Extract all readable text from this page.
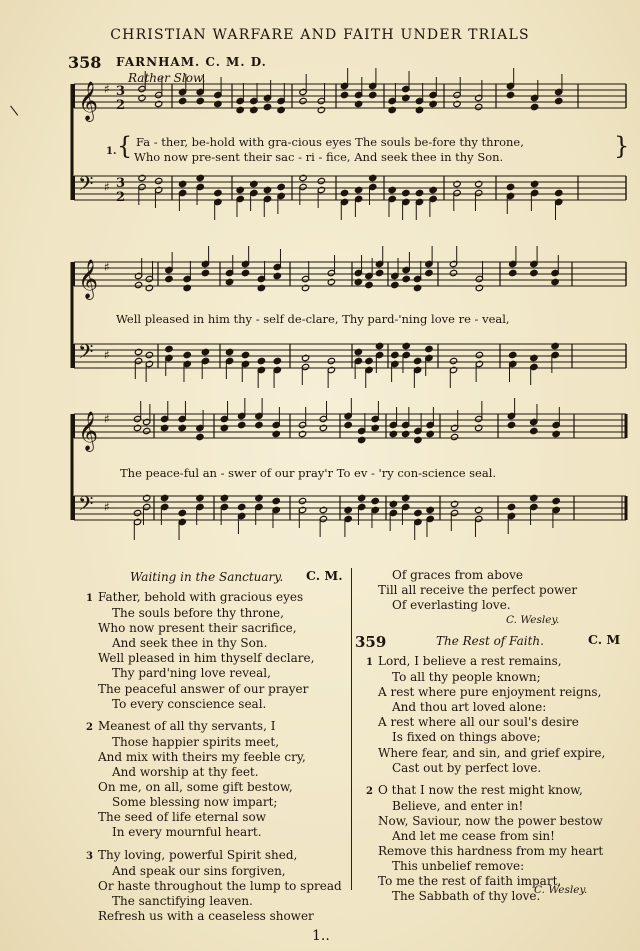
CHRISTIAN WARFARE AND FAITH UNDER TRIALS
358 FARNHAM. C. M. D.
Rather Slow.
\ 𝄞 ♯ 3
2
𝄢 ♯ 3
2
𝄞 ♯
𝄢 ♯
𝄞 ♯
𝄢 ♯
1. {	}
Fa - ther, be-hold with gra-cious eyes The souls be-fore thy throne,
Who now pre-sent their sac - ri - fice, And seek thee in thy Son.
Well pleased in him thy - self de-clare, Thy pard-'ning love re - veal,
The peace-ful an - swer of our pray'r To ev - 'ry con-science seal.
Waiting in the Sanctuary.	C. M.
1 Father, behold with gracious eyes
The souls before thy throne,
Who now present their sacrifice,
And seek thee in thy Son.
Well pleased in him thyself declare,
Thy pard'ning love reveal,
The peaceful answer of our prayer
To every conscience seal.
2 Meanest of all thy servants, I
Those happier spirits meet,
And mix with theirs my feeble cry,
And worship at thy feet.
On me, on all, some gift bestow,
Some blessing now impart;
The seed of life eternal sow
In every mournful heart.
3 Thy loving, powerful Spirit shed,
And speak our sins forgiven,
Or haste throughout the lump to spread
The sanctifying leaven.
Refresh us with a ceaseless shower
Of graces from above
Till all receive the perfect power
Of everlasting love.
C. Wesley.
359	The Rest of Faith.	C. M
1 Lord, I believe a rest remains,
To all thy people known;
A rest where pure enjoyment reigns,
And thou art loved alone:
A rest where all our soul's desire
Is fixed on things above;
Where fear, and sin, and grief expire,
Cast out by perfect love.
2 O that I now the rest might know,
Believe, and enter in!
Now, Saviour, now the power bestow
And let me cease from sin!
Remove this hardness from my heart
This unbelief remove:
To me the rest of faith impart,
The Sabbath of thy love.
C. Wesley.
1..
